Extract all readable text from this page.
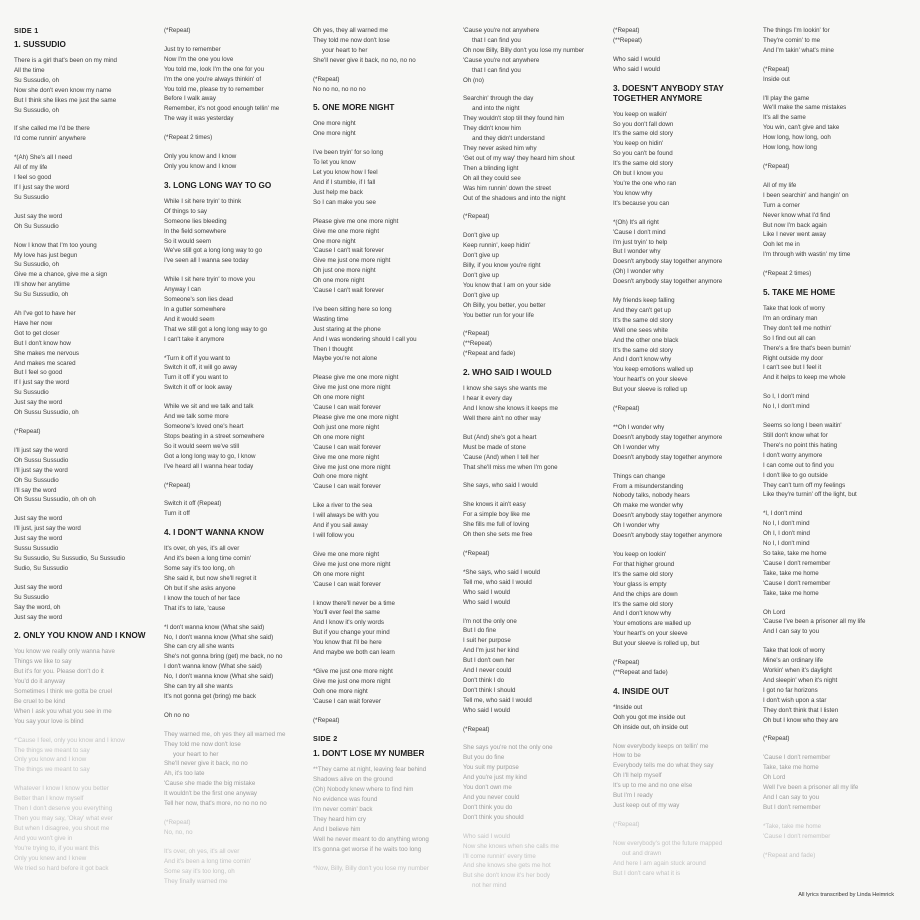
SIDE 1
1. SUSSUDIO
There is a girl that's been on my mind
All the time
Su Sussudio, oh
Now she don't even know my name
But I think she likes me just the same
Su Sussudio, oh
If she called me I'd be there
I'd come runnin' anywhere
*(Ah) She's all I need
All of my life
I feel so good
If I just say the word
Su Sussudio
Just say the word
Oh Su Sussudio
Now I know that I'm too young
My love has just begun
Su Sussudio, oh
Give me a chance, give me a sign
I'll show her anytime
Su Su Sussudio, oh
Ah I've got to have her
Have her now
Got to get closer
But I don't know how
She makes me nervous
And makes me scared
But I feel so good
If I just say the word
Su Sussudio
Just say the word
Oh Sussu Sussudio, oh
(*Repeat)
I'll just say the word
Oh Sussu Sussudio
I'll just say the word
Oh Su Sussudio
I'll say the word
Oh Sussu Sussudio, oh oh oh
Just say the word
I'll just, just say the word
Just say the word
Sussu Sussudio
Su Sussudio, Su Sussudio, Su Sussudio
Sudio, Su Sussudio
Just say the word
Su Sussudio
Say the word, oh
Just say the word
2. ONLY YOU KNOW AND I KNOW
You know we really only wanna have
Things we like to say
But it's for you. Please don't do it
You'd do it anyway
Sometimes I think we gotta be cruel
Be cruel to be kind
When I ask you what you see in me
You say your love is blind
*'Cause I feel, only you know and I know
The things we meant to say
Only you know and I know
The things we meant to say
Whatever I know I know you better
Better than I know myself
Then I don't deserve you everything
Then you may say, 'Okay' what ever
But when I disagree, you shout me
And you won't give in
You're trying to, if you want this
Only you knew and I knew
We tried so hard before it got back
(*Repeat)
Just try to remember
Now I'm the one you love
You told me, look I'm the one for you
I'm the one you're always thinkin' of
You told me, please try to remember
Before I walk away
Remember, it's not good enough tellin' me
The way it was yesterday
(*Repeat 2 times)
Only you know and I know
Only you know and I know
3. LONG LONG WAY TO GO
While I sit here tryin' to think
Of things to say
Someone lies bleeding
In the field somewhere
So it would seem
We've still got a long long way to go
I've seen all I wanna see today
While I sit here tryin' to move you
Anyway I can
Someone's son lies dead
In a gutter somewhere
And it would seem
That we still got a long long way to go
I can't take it anymore
*Turn it off if you want to
Switch it off, it will go away
Turn it off if you want to
Switch it off or look away
While we sit and we talk and talk
And we talk some more
Someone's loved one's heart
Stops beating in a street somewhere
So it would seem we've still
Got a long long way to go, I know
I've heard all I wanna hear today
(*Repeat)
Switch it off (Repeat)
Turn it off
4. I DON'T WANNA KNOW
It's over, oh yes, it's all over
And it's been a long time comin'
Some say it's too long, oh
She said it, but now she'll regret it
Oh but if she asks anyone
I know the touch of her face
That it's to late, 'cause
*I don't wanna know (What she said)
No, I don't wanna know (What she said)
She can cry all she wants
She's not gonna bring (get) me back, no no
I don't wanna know (What she said)
No, I don't wanna know (What she said)
She can try all she wants
It's not gonna get (bring) me back
Oh no no
They warned me, oh yes they all warned me
They told me now don't lose
your heart to her
She'll never give it back, no no
Ah, it's too late
'Cause she made the big mistake
It wouldn't be the first one anyway
Tell her now, that's more, no no no no
(*Repeat)
No, no, no
It's over, oh yes, it's all over
And it's been a long time comin'
Some say it's too long, oh
They finally warned me
Oh yes, they all warned me
They told me now don't lose
your heart to her
She'll never give it back, no no, no no
(*Repeat)
No no no, no no no
5. ONE MORE NIGHT
One more night
One more night
I've been tryin' for so long
To let you know
Let you know how I feel
And if I stumble, if I fall
Just help me back
So I can make you see
Please give me one more night
Give me one more night
One more night
'Cause I can't wait forever
Give me just one more night
Oh just one more night
Oh one more night
'Cause I can't wait forever
I've been sitting here so long
Wasting time
Just staring at the phone
And I was wondering should I call you
Then I thought
Maybe you're not alone
Please give me one more night
Give me just one more night
Oh one more night
'Cause I can wait forever
Please give me one more night
Ooh just one more night
Oh one more night
'Cause I can wait forever
Give me one more night
Give me just one more night
Ooh one more night
'Cause I can wait forever
Like a river to the sea
I will always be with you
And if you sail away
I will follow you
Give me one more night
Give me just one more night
Oh one more night
'Cause I can wait forever
I know there'll never be a time
You'll ever feel the same
And I know it's only words
But if you change your mind
You know that I'll be here
And maybe we both can learn
*Give me just one more night
Give me just one more night
Ooh one more night
'Cause I can wait forever
(*Repeat)
SIDE 2
1. DON'T LOSE MY NUMBER
**They came at night, leaving fear behind
Shadows alive on the ground
(Oh) Nobody knew where to find him
No evidence was found
I'm never comin' back
They heard him cry
And I believe him
Well he never meant to do anything wrong
It's gonna get worse if he waits too long
*Now, Billy, Billy don't you lose my number
'Cause you're not anywhere
that I can find you
Oh now Billy, Billy don't you lose my number
'Cause you're not anywhere
that I can find you
Oh (no)
Searchin' through the day
and into the night
They wouldn't stop till they found him
They didn't know him
and they didn't understand
They never asked him why
'Get out of my way' they heard him shout
Then a blinding light
Oh all they could see
Was him runnin' down the street
Out of the shadows and into the night
(*Repeat)
Don't give up
Keep runnin', keep hidin'
Don't give up
Billy, if you know you're right
Don't give up
You know that I am on your side
Don't give up
Oh Billy, you better, you better
You better run for your life
(*Repeat)
(**Repeat)
(*Repeat and fade)
2. WHO SAID I WOULD
I know she says she wants me
I hear it every day
And I know she knows it keeps me
Well there ain't no other way
But (And) she's got a heart
Must be made of stone
'Cause (And) when I tell her
That she'll miss me when I'm gone
She says, who said I would
She knows it ain't easy
For a simple boy like me
She fills me full of loving
Oh then she sets me free
(*Repeat)
*She says, who said I would
Tell me, who said I would
Who said I would
Who said I would
I'm not the only one
But I do fine
I suit her purpose
And I'm just her kind
But I don't own her
And I never could
Don't think I do
Don't think I should
Tell me, who said I would
Who said I would
(*Repeat)
She says you're not the only one
But you do fine
You suit my purpose
And you're just my kind
You don't own me
And you never could
Don't think you do
Don't think you should
Who said I would
Now she knows when she calls me
I'll come runnin' every time
And she knows she gets me hot
But she don't know it's her body
not her mind
(*Repeat)
(**Repeat)
Who said I would
Who said I would
3. DOESN'T ANYBODY STAY TOGETHER ANYMORE
You keep on walkin'
So you don't fall down
It's the same old story
You keep on hidin'
So you can't be found
It's the same old story
Oh but I know you
You're the one who ran
You know why
It's because you can
*(Oh) It's all right
'Cause I don't mind
I'm just tryin' to help
But I wonder why
Doesn't anybody stay together anymore
(Oh) I wonder why
Doesn't anybody stay together anymore
My friends keep falling
And they can't get up
It's the same old story
Well one sees white
And the other one black
It's the same old story
And I don't know why
You keep emotions walled up
Your heart's on your sleeve
But your sleeve is rolled up
(*Repeat)
**Oh I wonder why
Doesn't anybody stay together anymore
Oh I wonder why
Doesn't anybody stay together anymore
Things can change
From a misunderstanding
Nobody talks, nobody hears
Oh make me wonder why
Doesn't anybody stay together anymore
Oh I wonder why
Doesn't anybody stay together anymore
You keep on lookin'
For that higher ground
It's the same old story
Your glass is empty
And the chips are down
It's the same old story
And I don't know why
Your emotions are walled up
Your heart's on your sleeve
But your sleeve is rolled up, but
(*Repeat)
(**Repeat and fade)
4. INSIDE OUT
*Inside out
Ooh you got me inside out
Oh inside out, oh inside out
Now everybody keeps on tellin' me
How to be
Everybody tells me do what they say
Oh I'll help myself
It's up to me and no one else
But I'm I ready
Just keep out of my way
(*Repeat)
Now everybody's got the future mapped
out and drawn
And here I am again stuck around
But I don't care what it is
The things I'm lookin' for
They're comin' to me
And I'm takin' what's mine
(*Repeat)
Inside out
I'll play the game
We'll make the same mistakes
It's all the same
You win, can't give and take
How long, how long, ooh
How long, how long
(*Repeat)
All of my life
I been searchin' and hangin' on
Turn a corner
Never know what I'd find
But now I'm back again
Like I never went away
Ooh let me in
I'm through with wastin' my time
(*Repeat 2 times)
5. TAKE ME HOME
Take that look of worry
I'm an ordinary man
They don't tell me nothin'
So I find out all can
There's a fire that's been burnin'
Right outside my door
I can't see but I feel it
And it helps to keep me whole
So I, I don't mind
No I, I don't mind
Seems so long I been waitin'
Still don't know what for
There's no point this hating
I don't worry anymore
I can come out to find you
I don't like to go outside
They can't turn off my feelings
Like they're turnin' off the light, but
*I, I don't mind
No I, I don't mind
Oh I, I don't mind
No I, I don't mind
So take, take me home
'Cause I don't remember
Take, take me home
'Cause I don't remember
Take, take me home
Oh Lord
'Cause I've been a prisoner all my life
And I can say to you
Take that look of worry
Mine's an ordinary life
Workin' when it's daylight
And sleepin' when it's night
I got no far horizons
I don't wish upon a star
They don't think that I listen
Oh but I know who they are
(*Repeat)
'Cause I don't remember
Take, take me home
Oh Lord
Well I've been a prisoner all my life
And I can say to you
But I don't remember
*Take, take me home
'Cause I don't remember
(*Repeat and fade)
All lyrics transcribed by Linda Heimrick
